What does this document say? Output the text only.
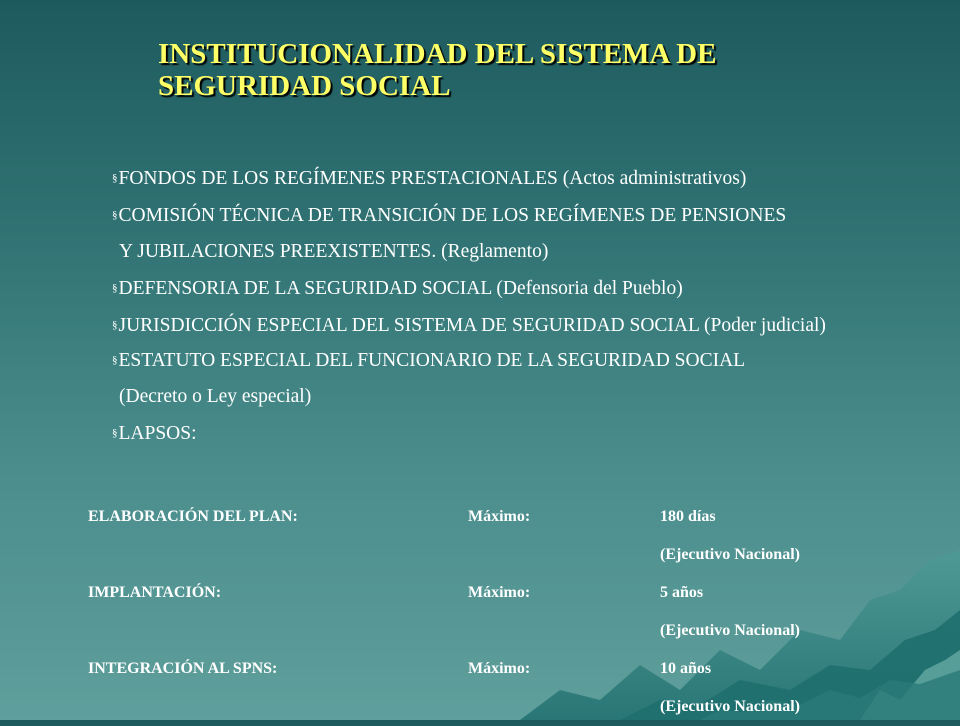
INSTITUCIONALIDAD DEL SISTEMA DE
SEGURIDAD SOCIAL
§FONDOS DE LOS REGÍMENES PRESTACIONALES (Actos administrativos)
§COMISIÓN TÉCNICA DE TRANSICIÓN DE LOS REGÍMENES DE PENSIONES
Y JUBILACIONES PREEXISTENTES. (Reglamento)
§DEFENSORIA DE LA SEGURIDAD SOCIAL (Defensoria del Pueblo)
§JURISDICCIÓN ESPECIAL DEL SISTEMA DE SEGURIDAD SOCIAL (Poder judicial)
§ESTATUTO ESPECIAL DEL FUNCIONARIO DE LA SEGURIDAD SOCIAL
(Decreto o Ley especial)
§LAPSOS:
ELABORACIÓN DEL PLAN:	Máximo:	180 días
		(Ejecutivo Nacional)
IMPLANTACIÓN:	Máximo:	5 años
		(Ejecutivo Nacional)
INTEGRACIÓN AL SPNS:	Máximo:	10 años
		(Ejecutivo Nacional)
